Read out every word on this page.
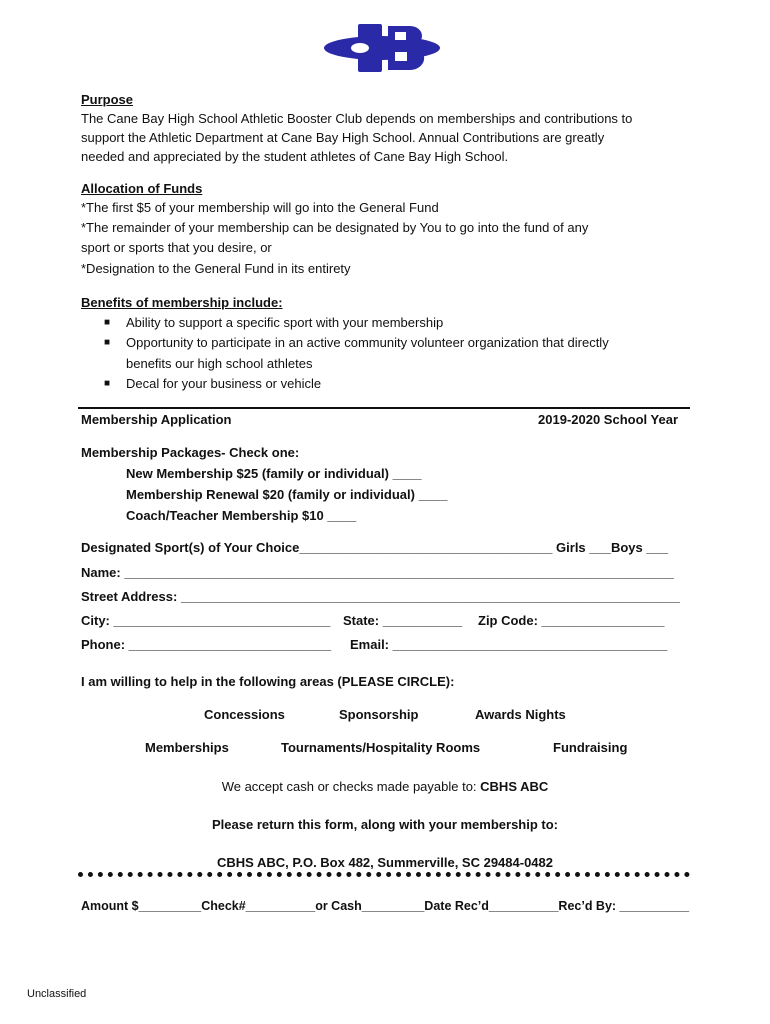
CBC
Purpose
The Cane Bay High School Athletic Booster Club depends on memberships and contributions to
support the Athletic Department at Cane Bay High School. Annual Contributions are greatly
needed and appreciated by the student athletes of Cane Bay High School.
Allocation of Funds
*The first $5 of your membership will go into the General Fund
*The remainder of your membership can be designated by You to go into the fund of any
sport or sports that you desire, or
*Designation to the General Fund in its entirety
Benefits of membership include:
■ Ability to support a specific sport with your membership
■ Opportunity to participate in an active community volunteer organization that directly
benefits our high school athletes
■ Decal for your business or vehicle
Membership Application	2019-2020 School Year
Membership Packages- Check one:
New Membership $25 (family or individual) ____
Membership Renewal $20 (family or individual) ____
Coach/Teacher Membership $10 ____
Designated Sport(s) of Your Choice___________________________________ Girls ___Boys ___
Name: ____________________________________________________________________________
Street Address: _____________________________________________________________________
City: ______________________________ State: ___________ Zip Code: _________________
Phone: ____________________________ Email: ______________________________________
I am willing to help in the following areas (PLEASE CIRCLE):
Concessions	Sponsorship	Awards Nights
Memberships	Tournaments/Hospitality Rooms	Fundraising
We accept cash or checks made payable to: CBHS ABC
Please return this form, along with your membership to:
CBHS ABC, P.O. Box 482, Summerville, SC 29484-0482
Amount $_________Check#__________or Cash_________Date Rec’d__________Rec’d By: __________
Unclassified
